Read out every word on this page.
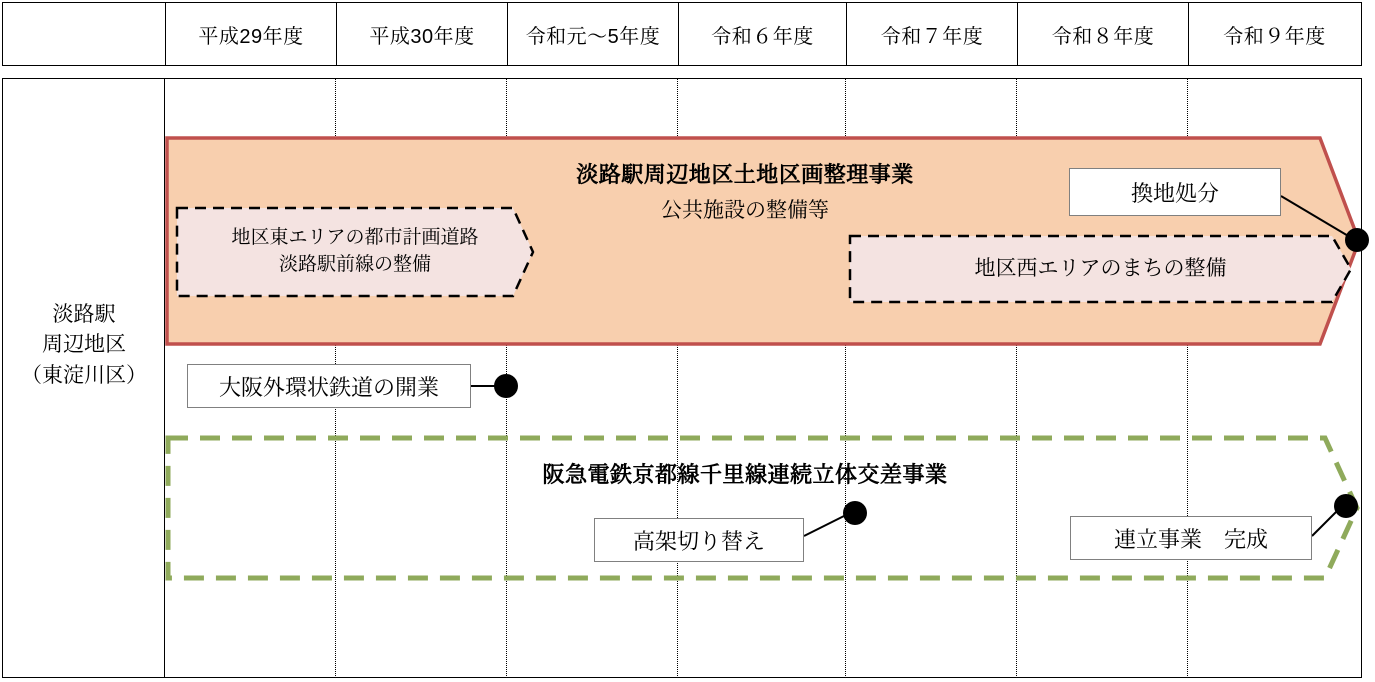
平成29年度	平成30年度	令和元〜5年度	令和６年度	令和７年度	令和８年度	令和９年度
淡路駅
周辺地区
（東淀川区）
淡路駅周辺地区土地区画整理事業
公共施設の整備等
地区東エリアの都市計画道路
淡路駅前線の整備	地区西エリアのまちの整備
阪急電鉄京都線千里線連続立体交差事業
換地処分
大阪外環状鉄道の開業
高架切り替え	連立事業　完成
